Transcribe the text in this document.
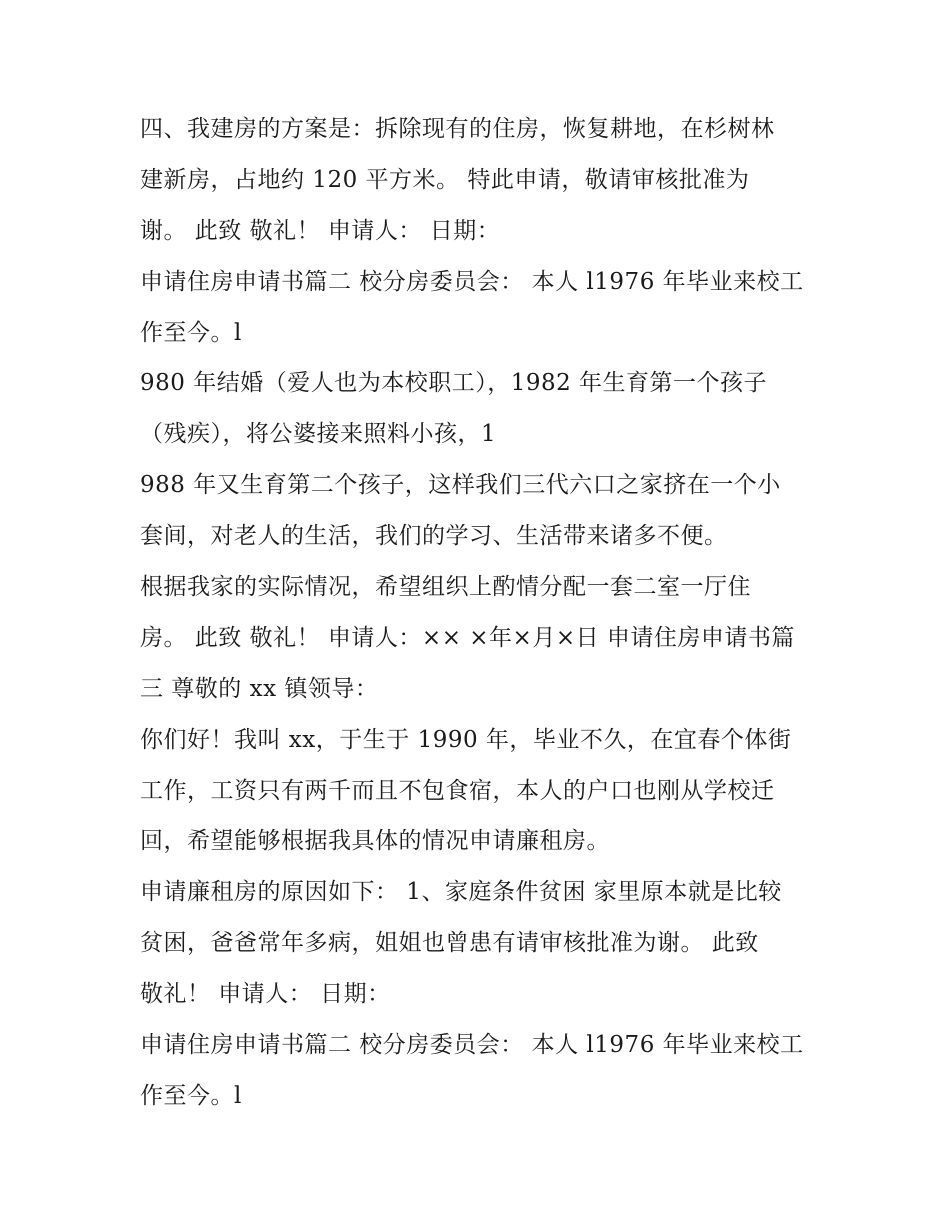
四、我建房的方案是：拆除现有的住房，恢复耕地，在杉树林
建新房，占地约 120 平方米。 特此申请，敬请审核批准为
谢。 此致 敬礼！ 申请人： 日期：

申请住房申请书篇二 校分房委员会： 本人 l1976 年毕业来校工
作至今。l

980 年结婚（爱人也为本校职工），1982 年生育第一个孩子
（残疾），将公婆接来照料小孩，1

988 年又生育第二个孩子，这样我们三代六口之家挤在一个小
套间，对老人的生活，我们的学习、生活带来诸多不便。

根据我家的实际情况，希望组织上酌情分配一套二室一厅住
房。 此致 敬礼！ 申请人：×× ×年×月×日 申请住房申请书篇
三 尊敬的 xx 镇领导：

你们好！我叫 xx，于生于 1990 年，毕业不久，在宜春个体街
工作，工资只有两千而且不包食宿，本人的户口也刚从学校迁
回，希望能够根据我具体的情况申请廉租房。

申请廉租房的原因如下： 1、家庭条件贫困 家里原本就是比较
贫困，爸爸常年多病，姐姐也曾患有请审核批准为谢。 此致
敬礼！ 申请人： 日期：

申请住房申请书篇二 校分房委员会： 本人 l1976 年毕业来校工
作至今。l
